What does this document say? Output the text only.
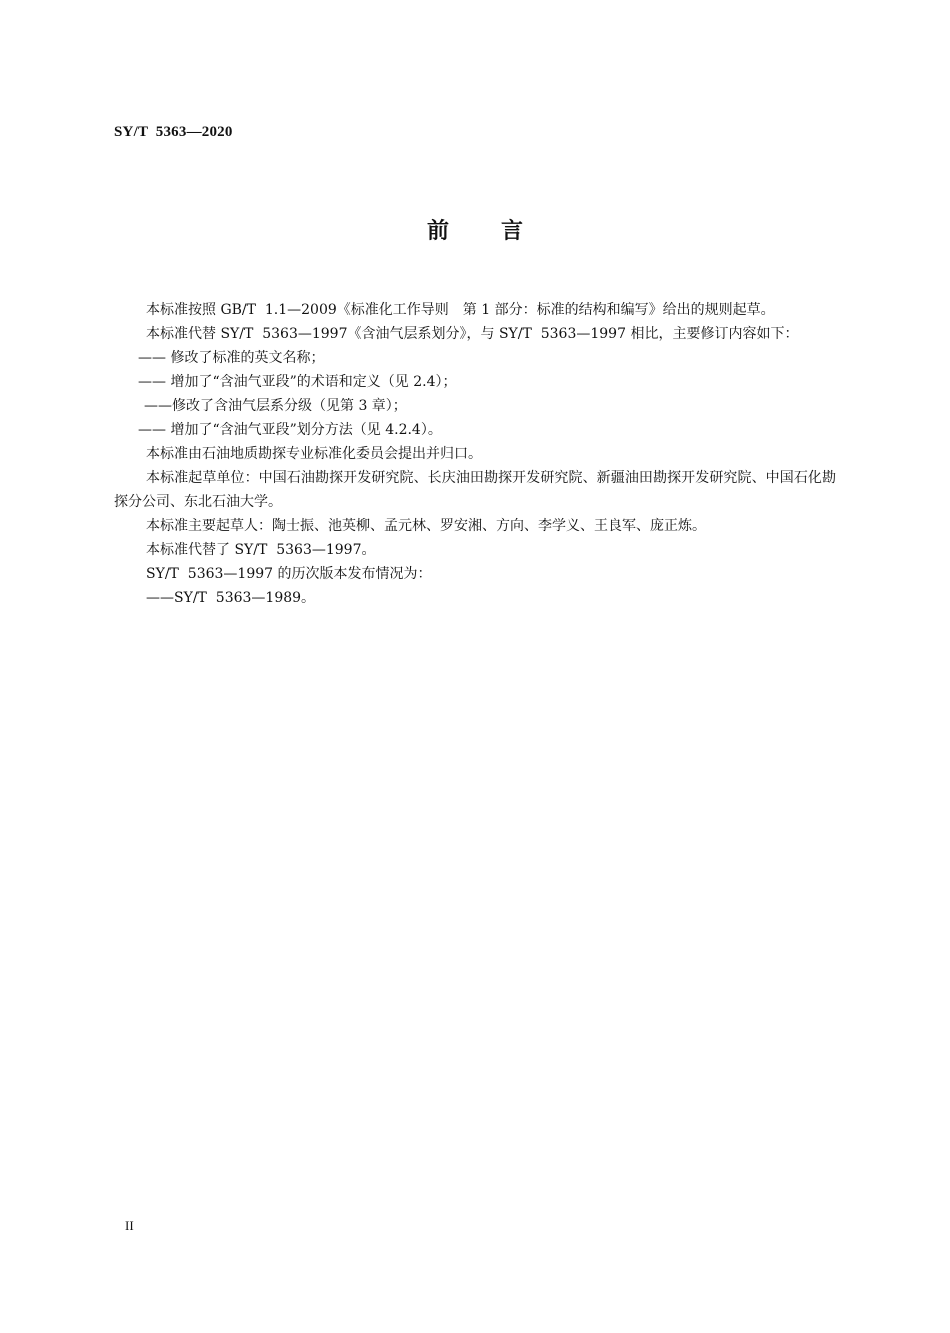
SY/T  5363—2020
前言

本标准按照 GB/T  1.1—2009《标准化工作导则　第 1 部分：标准的结构和编写》给出的规则起草。

本标准代替 SY/T  5363—1997《含油气层系划分》，与 SY/T  5363—1997 相比，主要修订内容如下：

—— 修改了标准的英文名称；

—— 增加了“含油气亚段”的术语和定义（见 2.4）；

——修改了含油气层系分级（见第 3 章）；

—— 增加了“含油气亚段”划分方法（见 4.2.4）。

本标准由石油地质勘探专业标准化委员会提出并归口。

本标准起草单位：中国石油勘探开发研究院、长庆油田勘探开发研究院、新疆油田勘探开发研究院、中国石化勘探分公司、东北石油大学。

本标准主要起草人：陶士振、池英柳、孟元林、罗安湘、方向、李学义、王良军、庞正炼。

本标准代替了 SY/T  5363—1997。

SY/T  5363—1997 的历次版本发布情况为：

——SY/T  5363—1989。

II
